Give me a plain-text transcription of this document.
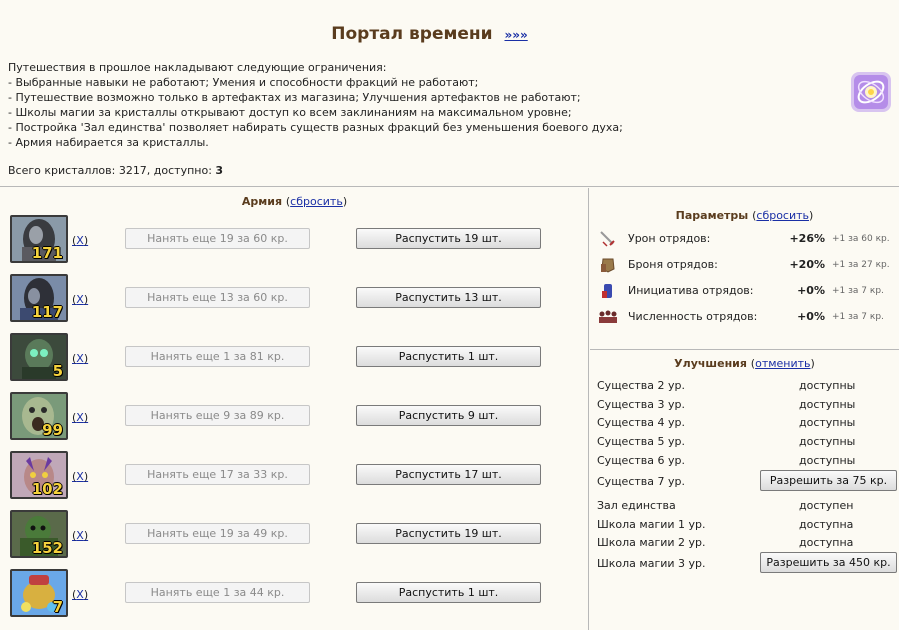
Портал времени »»»
Путешествия в прошлое накладывают следующие ограничения:
- Выбранные навыки не работают; Умения и способности фракций не работают;
- Путешествие возможно только в артефактах из магазина; Улучшения артефактов не работают;
- Школы магии за кристаллы открывают доступ ко всем заклинаниям на максимальном уровне;
- Постройка 'Зал единства' позволяет набирать существ разных фракций без уменьшения боевого духа;
- Армия набирается за кристаллы.
Всего кристаллов: 3217, доступно: 3
Армия (сбросить)
171
(X)	Нанять еще 19 за 60 кр.	Распустить 19 шт.
117
(X)	Нанять еще 13 за 60 кр.	Распустить 13 шт.
5
(X)	Нанять еще 1 за 81 кр.	Распустить 1 шт.
99
(X)	Нанять еще 9 за 89 кр.	Распустить 9 шт.
102
(X)	Нанять еще 17 за 33 кр.	Распустить 17 шт.
152
(X)	Нанять еще 19 за 49 кр.	Распустить 19 шт.
7
(X)	Нанять еще 1 за 44 кр.	Распустить 1 шт.
Параметры (сбросить)
Урон отрядов:	+26% +1 за 60 кр.
Броня отрядов:	+20% +1 за 27 кр.
Инициатива отрядов:	+0% +1 за 7 кр.
Численность отрядов:	+0% +1 за 7 кр.
Улучшения (отменить)
Существа 2 ур.	доступны
Существа 3 ур.	доступны
Существа 4 ур.	доступны
Существа 5 ур.	доступны
Существа 6 ур.	доступны
Существа 7 ур.	Разрешить за 75 кр.
Зал единства	доступен
Школа магии 1 ур.	доступна
Школа магии 2 ур.	доступна
Школа магии 3 ур.	Разрешить за 450 кр.
